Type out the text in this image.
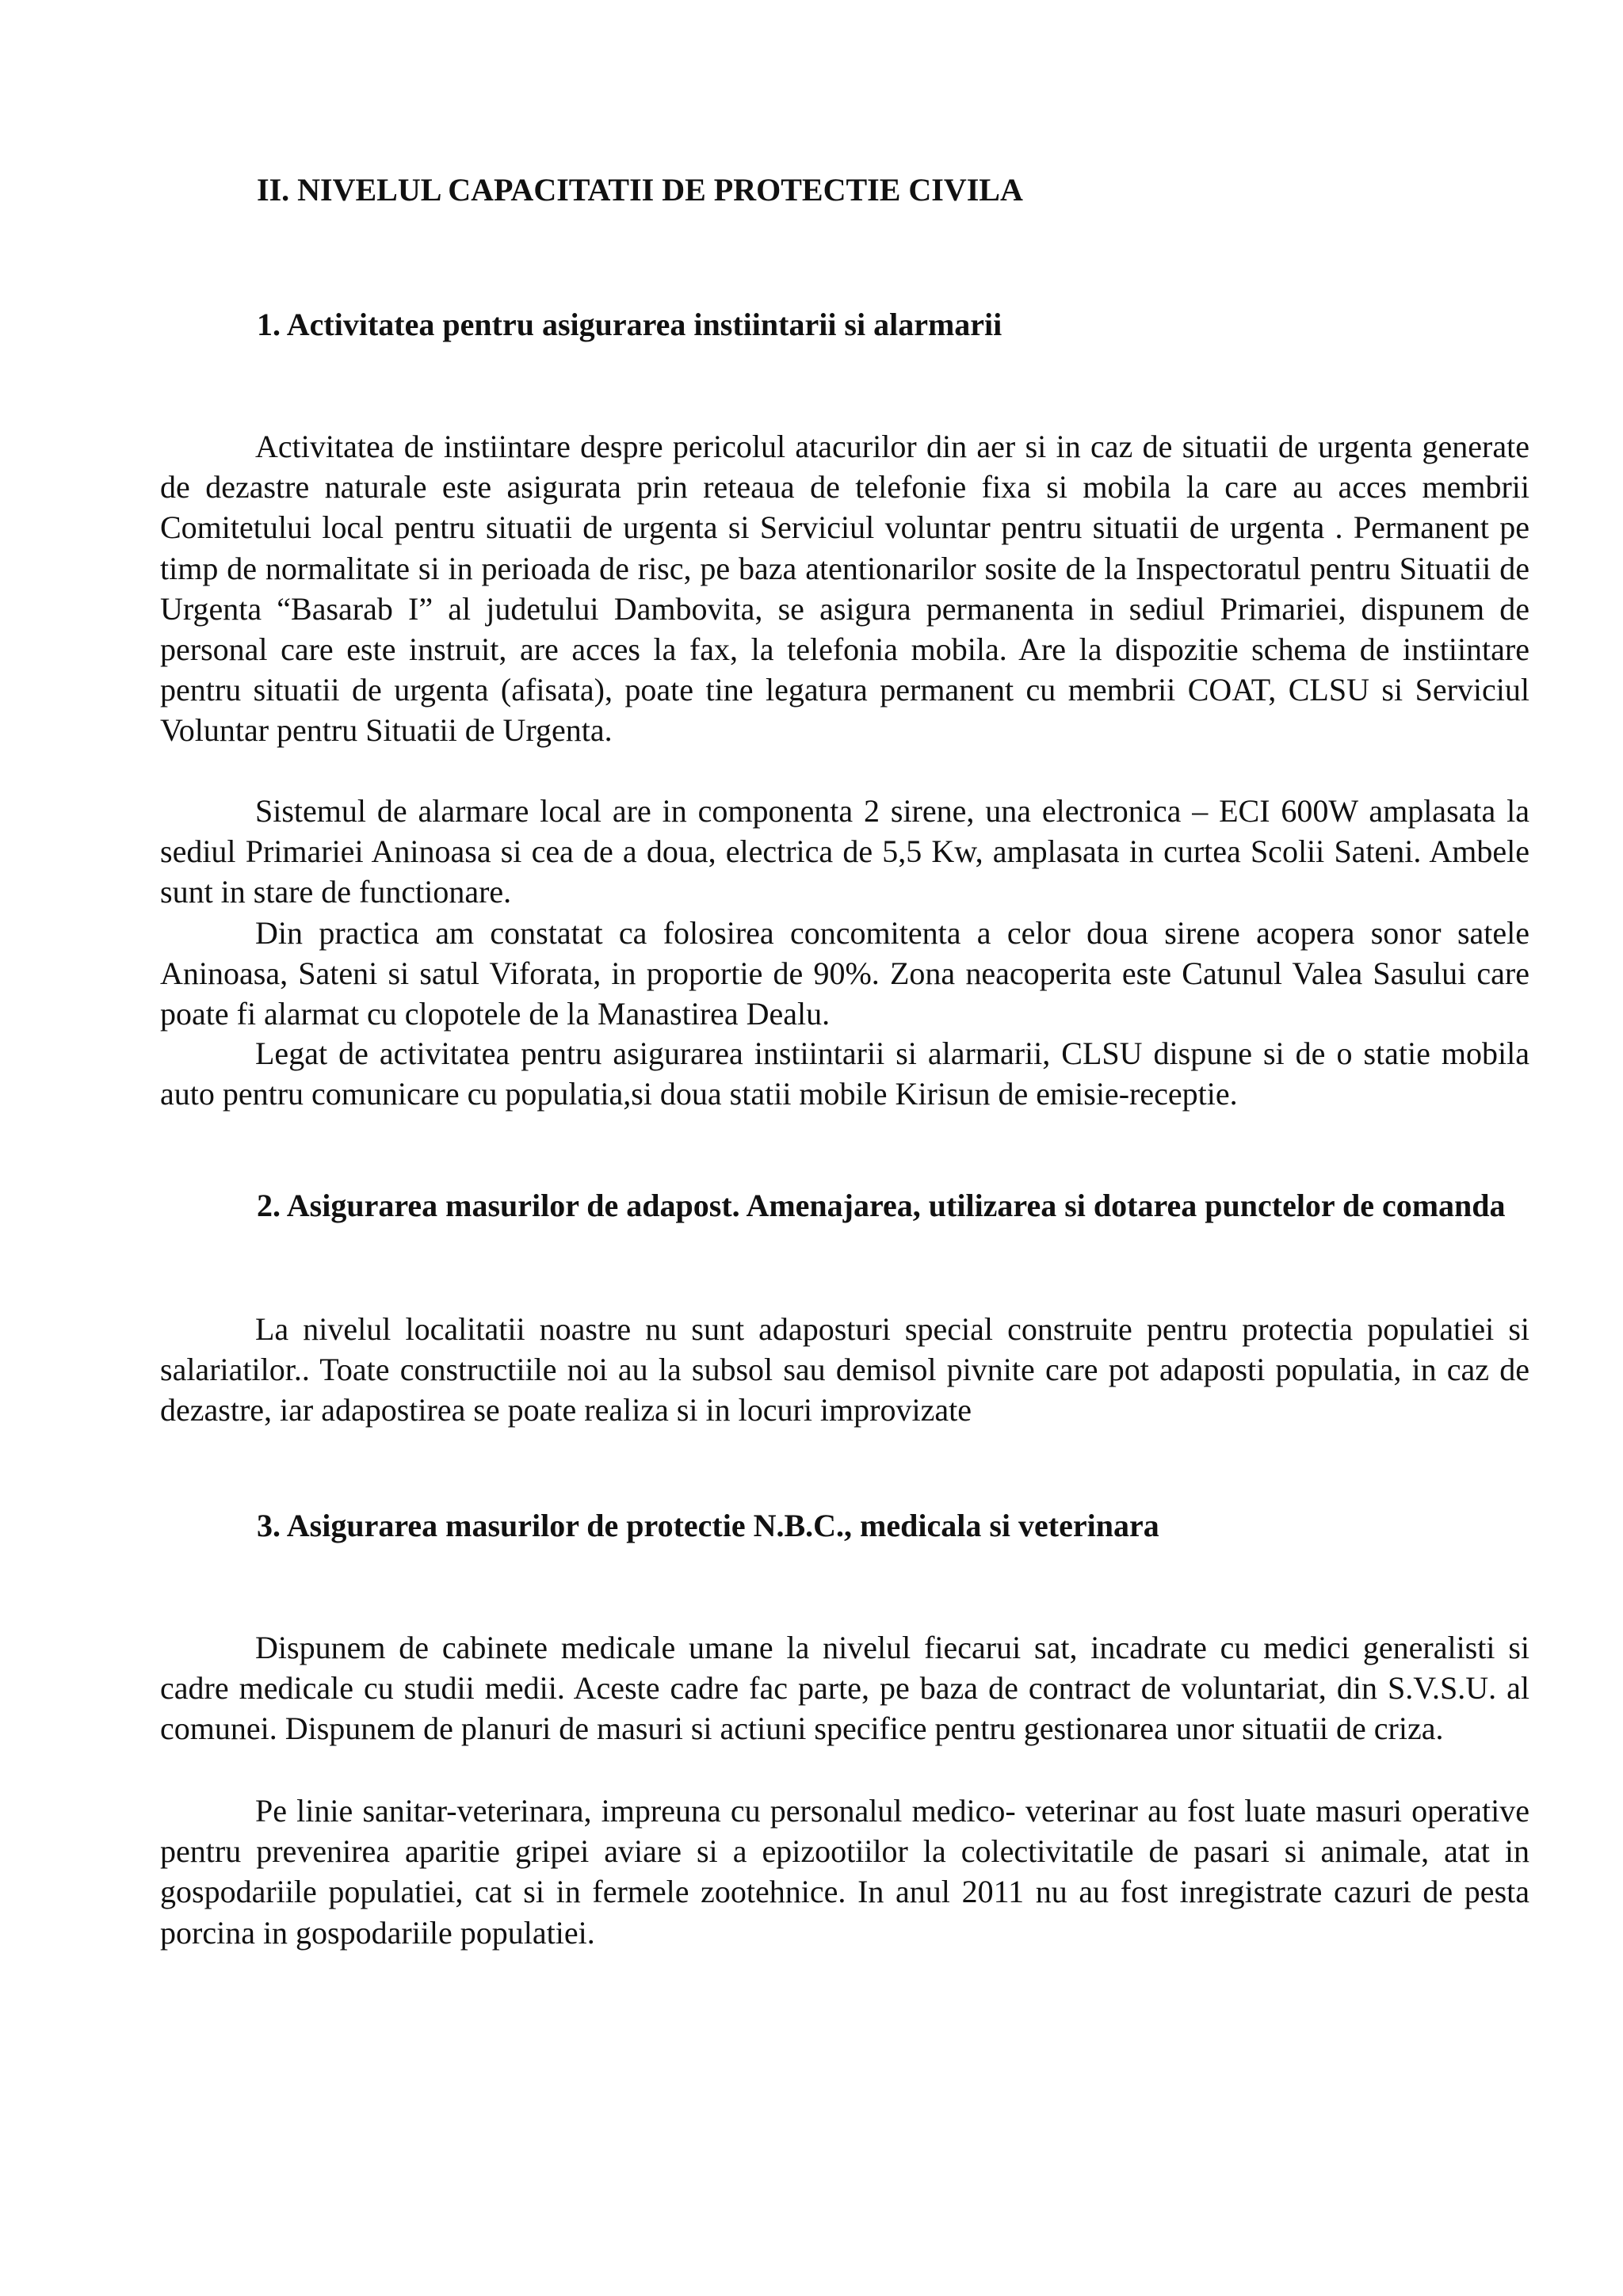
II. NIVELUL CAPACITATII DE PROTECTIE CIVILA
1. Activitatea pentru asigurarea instiintarii si alarmarii

Activitatea de instiintare despre pericolul atacurilor din aer si in caz de situatii de urgenta generate de dezastre naturale este asigurata prin reteaua de telefonie fixa si mobila la care au acces membrii Comitetului local pentru situatii de urgenta si Serviciul voluntar pentru situatii de urgenta . Permanent pe timp de normalitate si in perioada de risc, pe baza atentionarilor sosite de la Inspectoratul pentru Situatii de Urgenta “Basarab I” al judetului Dambovita, se asigura permanenta in sediul Primariei, dispunem de personal care este instruit, are acces la fax, la telefonia mobila. Are la dispozitie schema de instiintare pentru situatii de urgenta (afisata), poate tine legatura permanent cu membrii COAT, CLSU si Serviciul Voluntar pentru Situatii de Urgenta.

Sistemul de alarmare local are in componenta 2 sirene, una electronica – ECI 600W amplasata la sediul Primariei Aninoasa si cea de a doua, electrica de 5,5 Kw, amplasata in curtea Scolii Sateni. Ambele sunt in stare de functionare.

Din practica am constatat ca folosirea concomitenta a celor doua sirene acopera sonor satele Aninoasa, Sateni si satul Viforata, in proportie de 90%. Zona neacoperita este Catunul Valea Sasului care poate fi alarmat cu clopotele de la Manastirea Dealu.

Legat de activitatea pentru asigurarea instiintarii si alarmarii, CLSU dispune si de o statie mobila auto pentru comunicare cu populatia,si doua statii mobile Kirisun de emisie-receptie.

2. Asigurarea masurilor de adapost. Amenajarea, utilizarea si dotarea punctelor de comanda

La nivelul localitatii noastre nu sunt adaposturi special construite pentru protectia populatiei si salariatilor.. Toate constructiile noi au la subsol sau demisol pivnite care pot adaposti populatia, in caz de dezastre, iar adapostirea se poate realiza si in locuri improvizate

3. Asigurarea masurilor de protectie N.B.C., medicala si veterinara

Dispunem de cabinete medicale umane la nivelul fiecarui sat, incadrate cu medici generalisti si cadre medicale cu studii medii. Aceste cadre fac parte, pe baza de contract de voluntariat, din S.V.S.U. al comunei. Dispunem de planuri de masuri si actiuni specifice pentru gestionarea unor situatii de criza.

Pe linie sanitar-veterinara, impreuna cu personalul medico- veterinar au fost luate masuri operative pentru prevenirea aparitie gripei aviare si a epizootiilor la colectivitatile de pasari si animale, atat in gospodariile populatiei, cat si in fermele zootehnice. In anul 2011 nu au fost inregistrate cazuri de pesta porcina in gospodariile populatiei.
